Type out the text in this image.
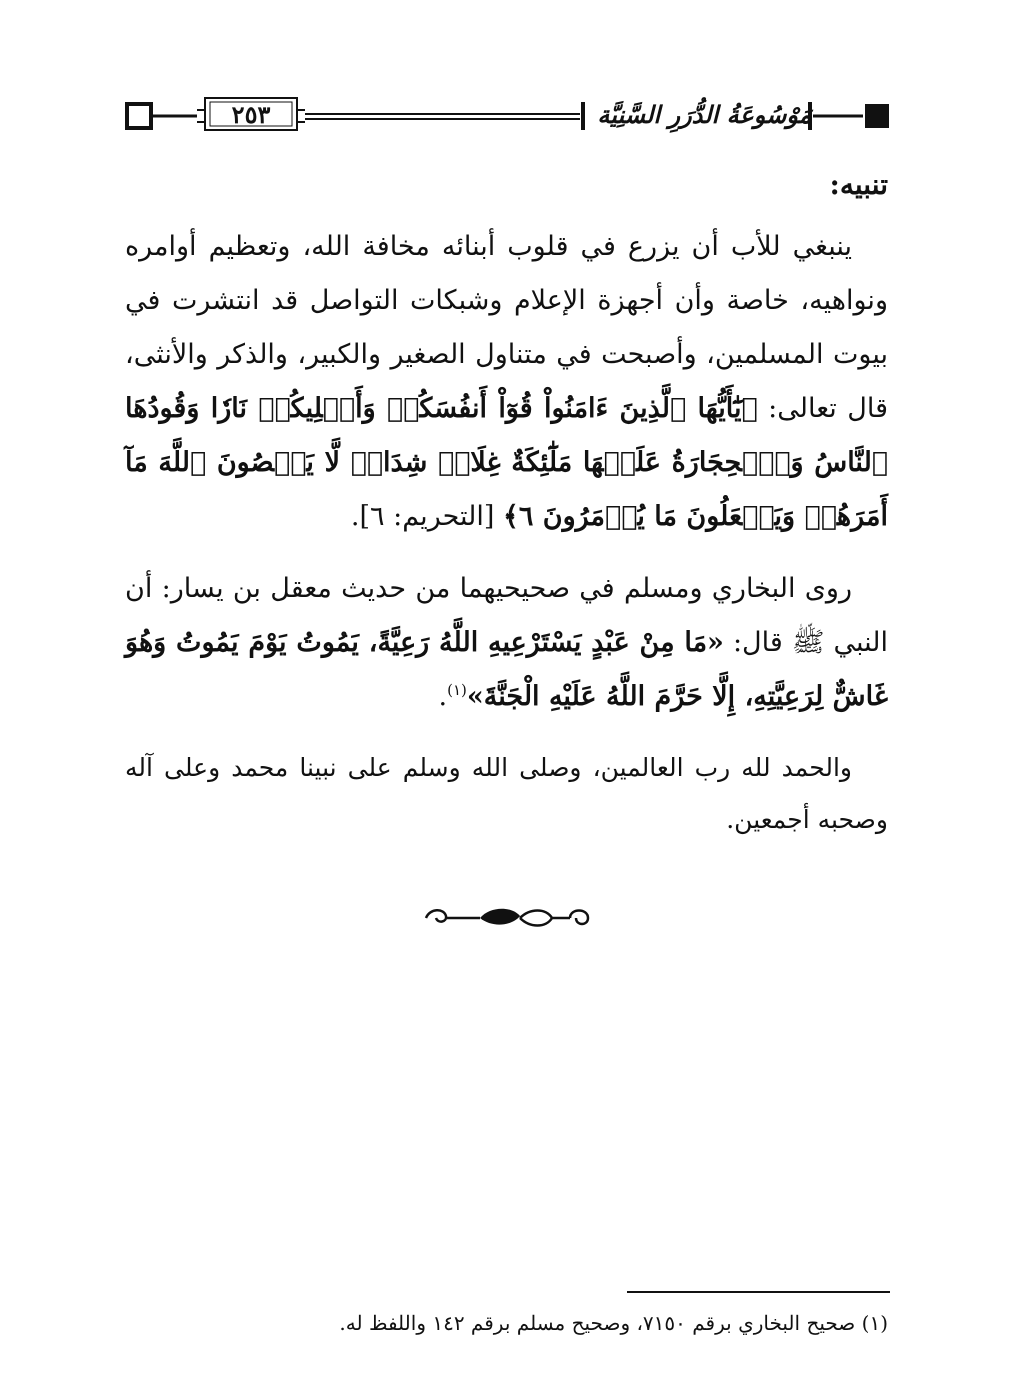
٢٥٣	مَوْسُوعَةُ الدُّرَرِ السَّنِيَّة
تنبيه:

ينبغي للأب أن يزرع في قلوب أبنائه مخافة الله، وتعظيم أوامره ونواهيه، خاصة وأن أجهزة الإعلام وشبكات التواصل قد انتشرت في بيوت المسلمين، وأصبحت في متناول الصغير والكبير، والذكر والأنثى، قال تعالى: ﴿يَٰٓأَيُّهَا ٱلَّذِينَ ءَامَنُواْ قُوٓاْ أَنفُسَكُمۡ وَأَهۡلِيكُمۡ نَارٗا وَقُودُهَا ٱلنَّاسُ وَٱلۡحِجَارَةُ عَلَيۡهَا مَلَٰٓئِكَةٌ غِلَاظٞ شِدَادٞ لَّا يَعۡصُونَ ٱللَّهَ مَآ أَمَرَهُمۡ وَيَفۡعَلُونَ مَا يُؤۡمَرُونَ ٦﴾ [التحريم: ٦].

روى البخاري ومسلم في صحيحيهما من حديث معقل بن يسار: أن النبي ﷺ قال: «مَا مِنْ عَبْدٍ يَسْتَرْعِيهِ اللَّهُ رَعِيَّةً، يَمُوتُ يَوْمَ يَمُوتُ وَهُوَ غَاشٌّ لِرَعِيَّتِهِ، إِلَّا حَرَّمَ اللَّهُ عَلَيْهِ الْجَنَّةَ»$^{(١)}$.

والحمد لله رب العالمين، وصلى الله وسلم على نبينا محمد وعلى آله وصحبه أجمعين.

(١) صحيح البخاري برقم ٧١٥٠، وصحيح مسلم برقم ١٤٢ واللفظ له.
